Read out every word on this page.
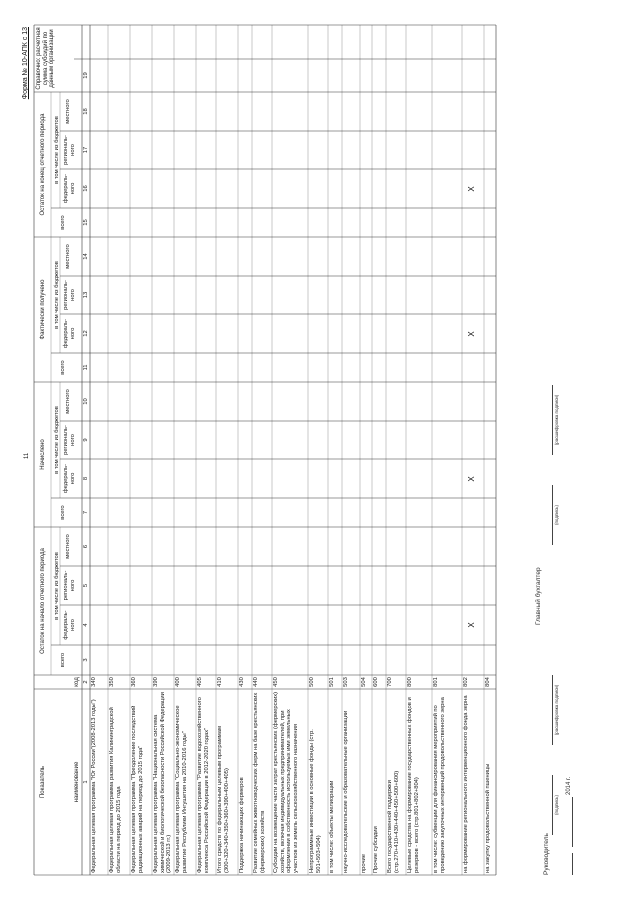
Форма № 10-АПК с 13
11
Показатель	наименование
код
Остаток на начало отчетного периода
Начислено
Фактически получено
Остаток на конец отчетного периода
Справочно: расчетная сумма субсидий по данным организации
всего
в том числе из бюджетов
федераль- ного
региональ- ного
местного
всего
в том числе из бюджетов
федераль- ного
региональ- ного
местного
всего
в том числе из бюджетов
федераль- ного
региональ- ного
местного
всего
в том числе из бюджетов
федераль- ного
региональ- ного
местного
1
2
3
4
5
6
7
8
9
10
11
12
13
14
15
16
17
18
19
Федеральная целевая программа "Юг России"(2008-2013 годы")
340
Федеральная целевая программа развития Калининградской области на период до 2015 года
350
Федеральная целевая программа "Преодоление последствий радиационных аварий на период до 2015 года"
360
Федеральная целевая программа "Национальная система химической и биологической безопасности Российской Федерации (2009-2013 гг.)
390
Федеральная целевая программа "Социально-экономическое развитие Республики Ингушетия на 2010-2016 годы"
400
Федеральная целевая программа "Развитие водохозяйственного комплекса Российской Федерации в 2012-2020 годах"
405
Итого средств по федеральным целевым программам (300+320+340+350+360+390+400+405)
410
Поддержка начинающих фермеров
430
Развитие семейных животноводческих ферм на базе крестьянских (фермерских) хозяйств
440
Субсидии на возмещение части затрат крестьянских (фермерских) хозяйств, включая индивидуальных предпринимателей, при оформлении в собственность используемых ими земельных участков из земель сельскохозяйственного назначения
450
Непрограммные инвестиции в основные фонды (стр. 501+503+504)
500
в том числе: объекты мелиорации
501
научно-исследовательские и образовательные организации
503
прочие
504
Прочие субсидии
600
Всего государственной поддержки (стр.270+410+430+440+450+500+600)
700
Целевые средства на формирование государственных фондов и резервов - всего (стр.801+802+804)
800
в том числе: субвенции для финансирования мероприятий по проведению закупочных интервенций продовольственного зерна
801
на формирование регионального интервенционного фонда зерна
802
на закупку продовольственной пшеницы
804
X
X
X
X
Руководитель
(подпись)
(расшифровка подписи)
Главный бухгалтер
(подпись)
(расшифровка подписи)
2014 г.
